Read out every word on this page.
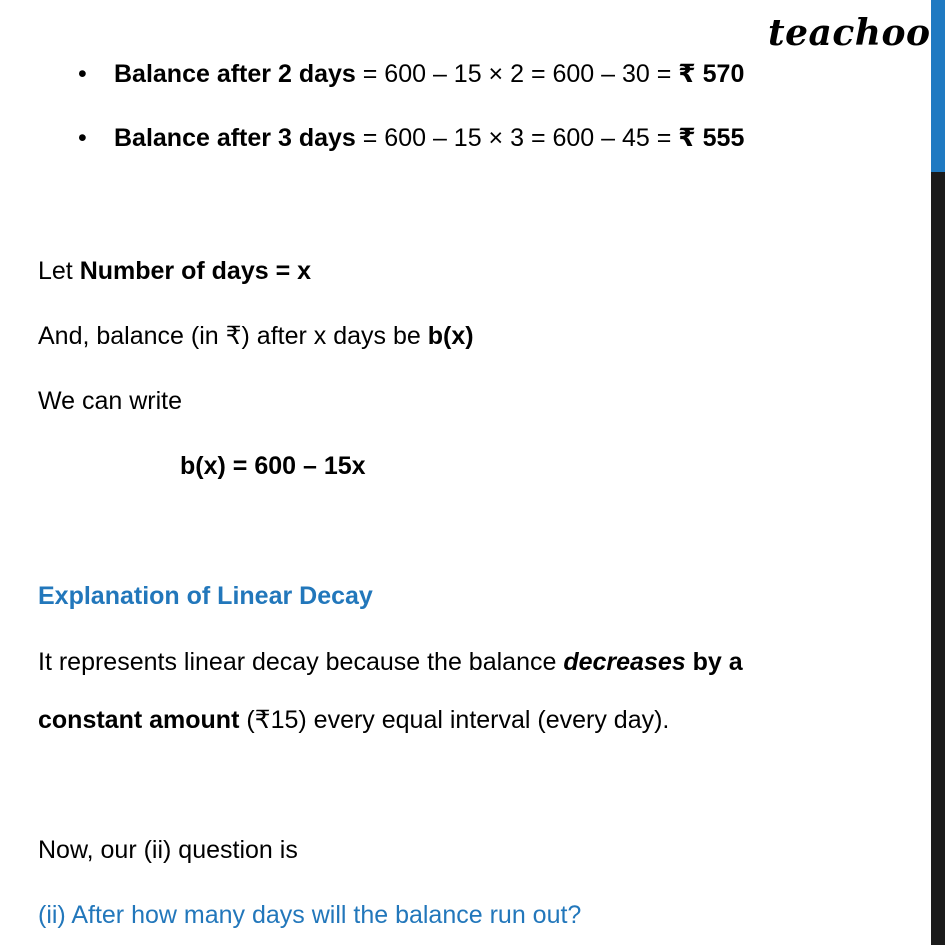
teachoo
• Balance after 2 days = 600 – 15 × 2 = 600 – 30 = ₹ 570
• Balance after 3 days = 600 – 15 × 3 = 600 – 45 = ₹ 555
Let Number of days = x
And, balance (in ₹) after x days be b(x)
We can write
b(x) = 600 – 15x
Explanation of Linear Decay
It represents linear decay because the balance decreases by a
constant amount (₹15) every equal interval (every day).
Now, our (ii) question is
(ii) After how many days will the balance run out?
